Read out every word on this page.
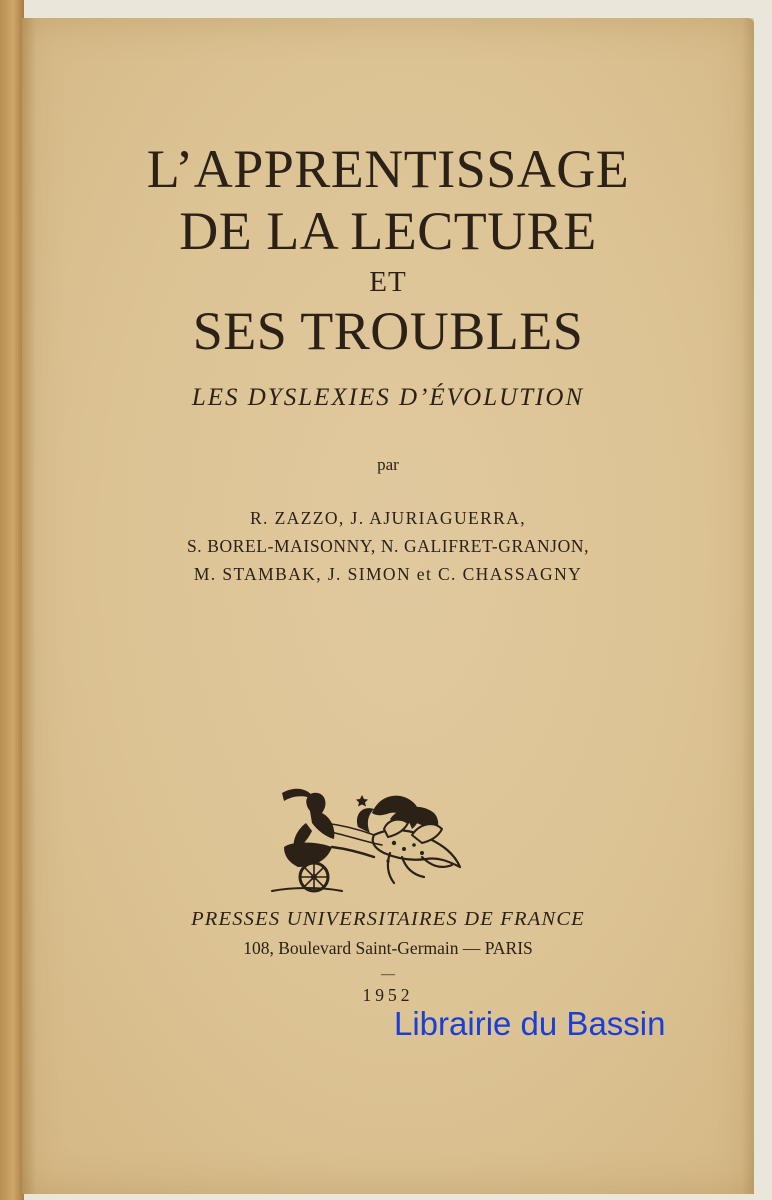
L’APPRENTISSAGE

DE LA LECTURE

ET

SES TROUBLES

LES DYSLEXIES D’ÉVOLUTION

par

R. ZAZZO, J. AJURIAGUERRA,

S. BOREL-MAISONNY, N. GALIFRET-GRANJON,

M. STAMBAK, J. SIMON et C. CHASSAGNY

PRESSES UNIVERSITAIRES DE FRANCE

108, Boulevard Saint-Germain — PARIS

—

1952

Librairie du Bassin
